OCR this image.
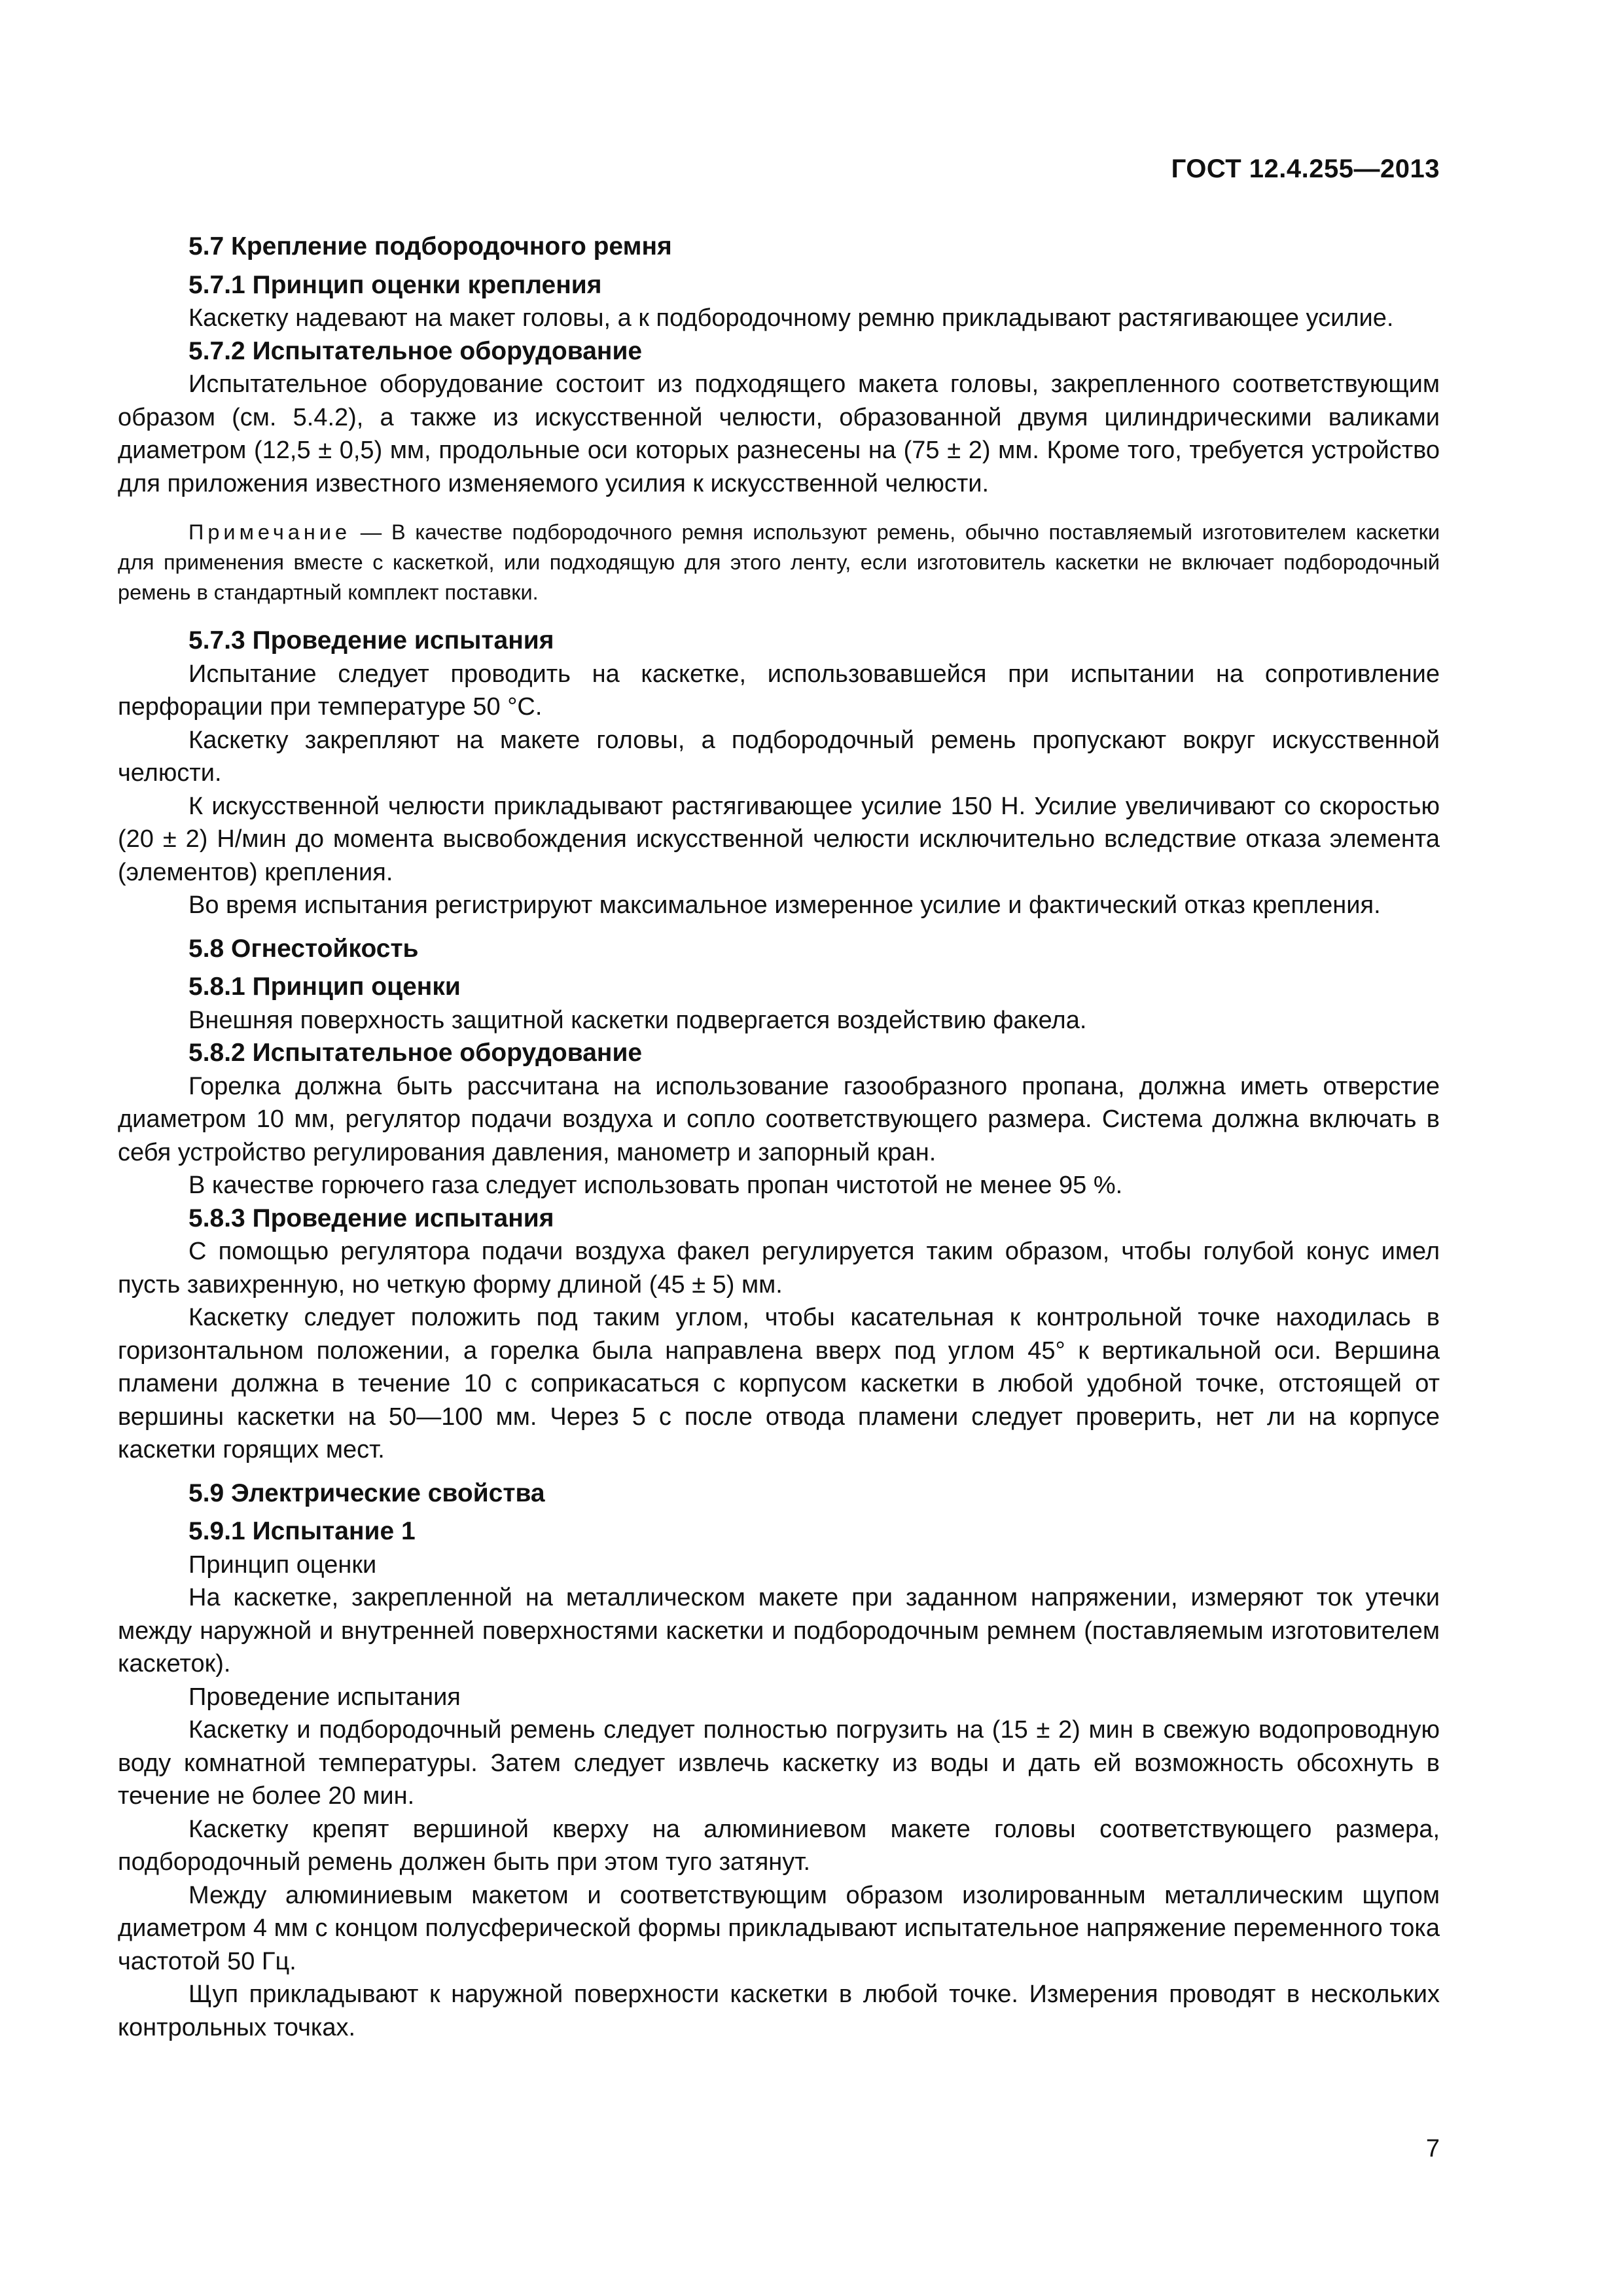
ГОСТ 12.4.255—2013
5.7 Крепление подбородочного ремня
5.7.1 Принцип оценки крепления

Каскетку надевают на макет головы, а к подбородочному ремню прикладывают растягивающее усилие.

5.7.2 Испытательное оборудование

Испытательное оборудование состоит из подходящего макета головы, закрепленного соответствующим образом (см. 5.4.2), а также из искусственной челюсти, образованной двумя цилиндрическими валиками диаметром (12,5 ± 0,5) мм, продольные оси которых разнесены на (75 ± 2) мм. Кроме того, требуется устройство для приложения известного изменяемого усилия к искусственной челюсти.

Примечание — В качестве подбородочного ремня используют ремень, обычно поставляемый изготовителем каскетки для применения вместе с каскеткой, или подходящую для этого ленту, если изготовитель каскетки не включает подбородочный ремень в стандартный комплект поставки.

5.7.3 Проведение испытания

Испытание следует проводить на каскетке, использовавшейся при испытании на сопротивление перфорации при температуре 50 °С.

Каскетку закрепляют на макете головы, а подбородочный ремень пропускают вокруг искусственной челюсти.

К искусственной челюсти прикладывают растягивающее усилие 150 Н. Усилие увеличивают со скоростью (20 ± 2) Н/мин до момента высвобождения искусственной челюсти исключительно вследствие отказа элемента (элементов) крепления.

Во время испытания регистрируют максимальное измеренное усилие и фактический отказ крепления.

5.8 Огнестойкость
5.8.1 Принцип оценки

Внешняя поверхность защитной каскетки подвергается воздействию факела.

5.8.2 Испытательное оборудование

Горелка должна быть рассчитана на использование газообразного пропана, должна иметь отверстие диаметром 10 мм, регулятор подачи воздуха и сопло соответствующего размера. Система должна включать в себя устройство регулирования давления, манометр и запорный кран.

В качестве горючего газа следует использовать пропан чистотой не менее 95 %.

5.8.3 Проведение испытания

С помощью регулятора подачи воздуха факел регулируется таким образом, чтобы голубой конус имел пусть завихренную, но четкую форму длиной (45 ± 5) мм.

Каскетку следует положить под таким углом, чтобы касательная к контрольной точке находилась в горизонтальном положении, а горелка была направлена вверх под углом 45° к вертикальной оси. Вершина пламени должна в течение 10 с соприкасаться с корпусом каскетки в любой удобной точке, отстоящей от вершины каскетки на 50—100 мм. Через 5 с после отвода пламени следует проверить, нет ли на корпусе каскетки горящих мест.

5.9 Электрические свойства
5.9.1 Испытание 1

Принцип оценки

На каскетке, закрепленной на металлическом макете при заданном напряжении, измеряют ток утечки между наружной и внутренней поверхностями каскетки и подбородочным ремнем (поставляемым изготовителем каскеток).

Проведение испытания

Каскетку и подбородочный ремень следует полностью погрузить на (15 ± 2) мин в свежую водопроводную воду комнатной температуры. Затем следует извлечь каскетку из воды и дать ей возможность обсохнуть в течение не более 20 мин.

Каскетку крепят вершиной кверху на алюминиевом макете головы соответствующего размера, подбородочный ремень должен быть при этом туго затянут.

Между алюминиевым макетом и соответствующим образом изолированным металлическим щупом диаметром 4 мм с концом полусферической формы прикладывают испытательное напряжение переменного тока частотой 50 Гц.

Щуп прикладывают к наружной поверхности каскетки в любой точке. Измерения проводят в нескольких контрольных точках.

7
